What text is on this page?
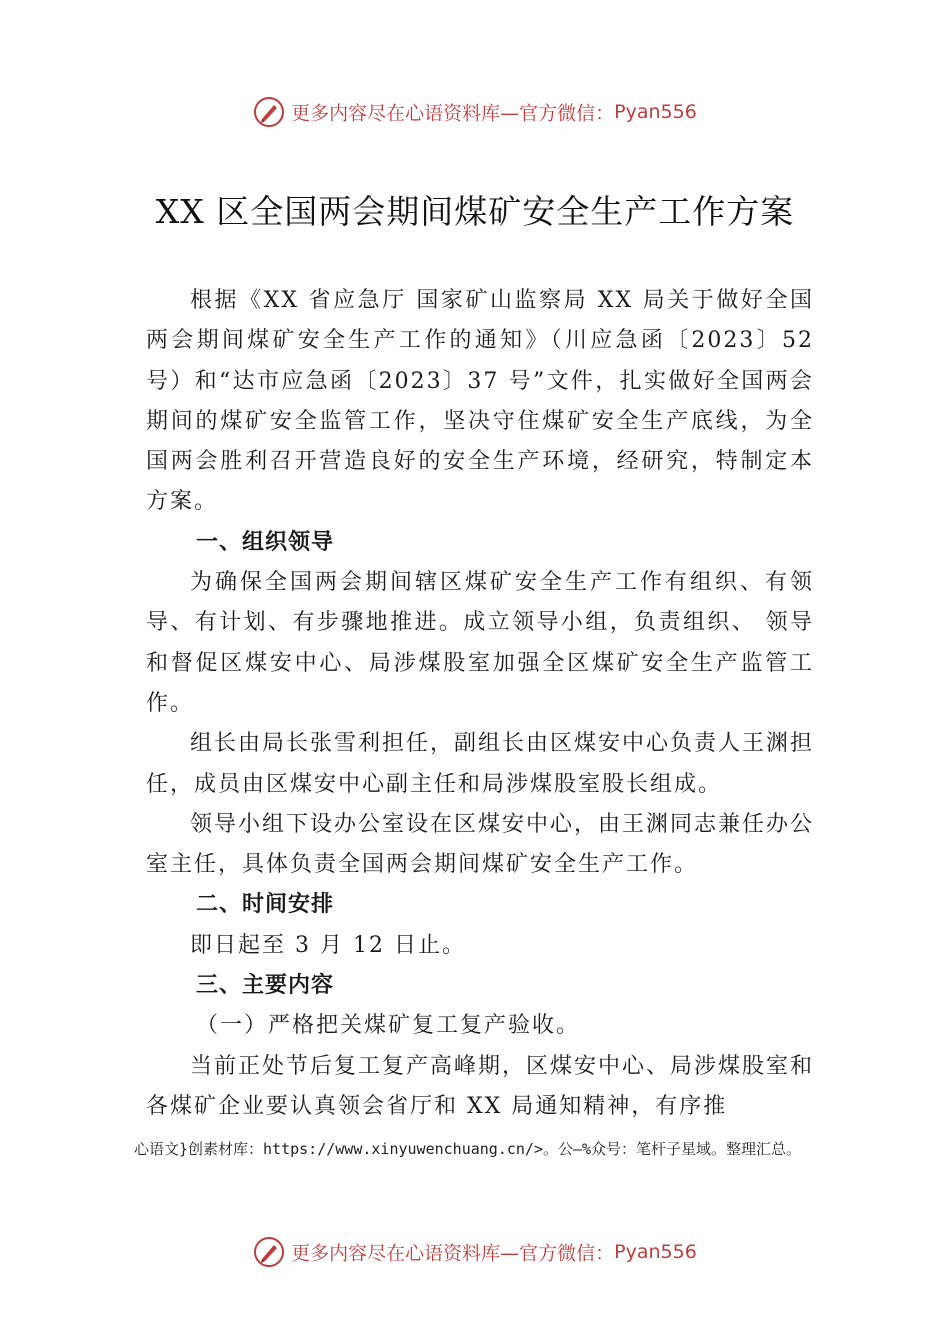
更多内容尽在心语资料库—官方微信：Pyan556
XX 区全国两会期间煤矿安全生产工作方案

根据《XX 省应急厅 国家矿山监察局 XX 局关于做好全国两会期间煤矿安全生产工作的通知》（川应急函〔2023〕52 号）和“达市应急函〔2023〕37 号”文件，扎实做好全国两会期间的煤矿安全监管工作，坚决守住煤矿安全生产底线，为全国两会胜利召开营造良好的安全生产环境，经研究，特制定本方案。

一、组织领导

为确保全国两会期间辖区煤矿安全生产工作有组织、有领导、有计划、有步骤地推进。成立领导小组，负责组织、 领导和督促区煤安中心、局涉煤股室加强全区煤矿安全生产监管工作。

组长由局长张雪利担任，副组长由区煤安中心负责人王渊担任，成员由区煤安中心副主任和局涉煤股室股长组成。

领导小组下设办公室设在区煤安中心，由王渊同志兼任办公室主任，具体负责全国两会期间煤矿安全生产工作。

二、时间安排

即日起至 3 月 12 日止。

三、主要内容

（一）严格把关煤矿复工复产验收。

当前正处节后复工复产高峰期，区煤安中心、局涉煤股室和各煤矿企业要认真领会省厅和 XX 局通知精神，有序推

心语文}创素材库：https://www.xinyuwenchuang.cn/>。公—%众号：笔杆子星域。整理汇总。
更多内容尽在心语资料库—官方微信：Pyan556
